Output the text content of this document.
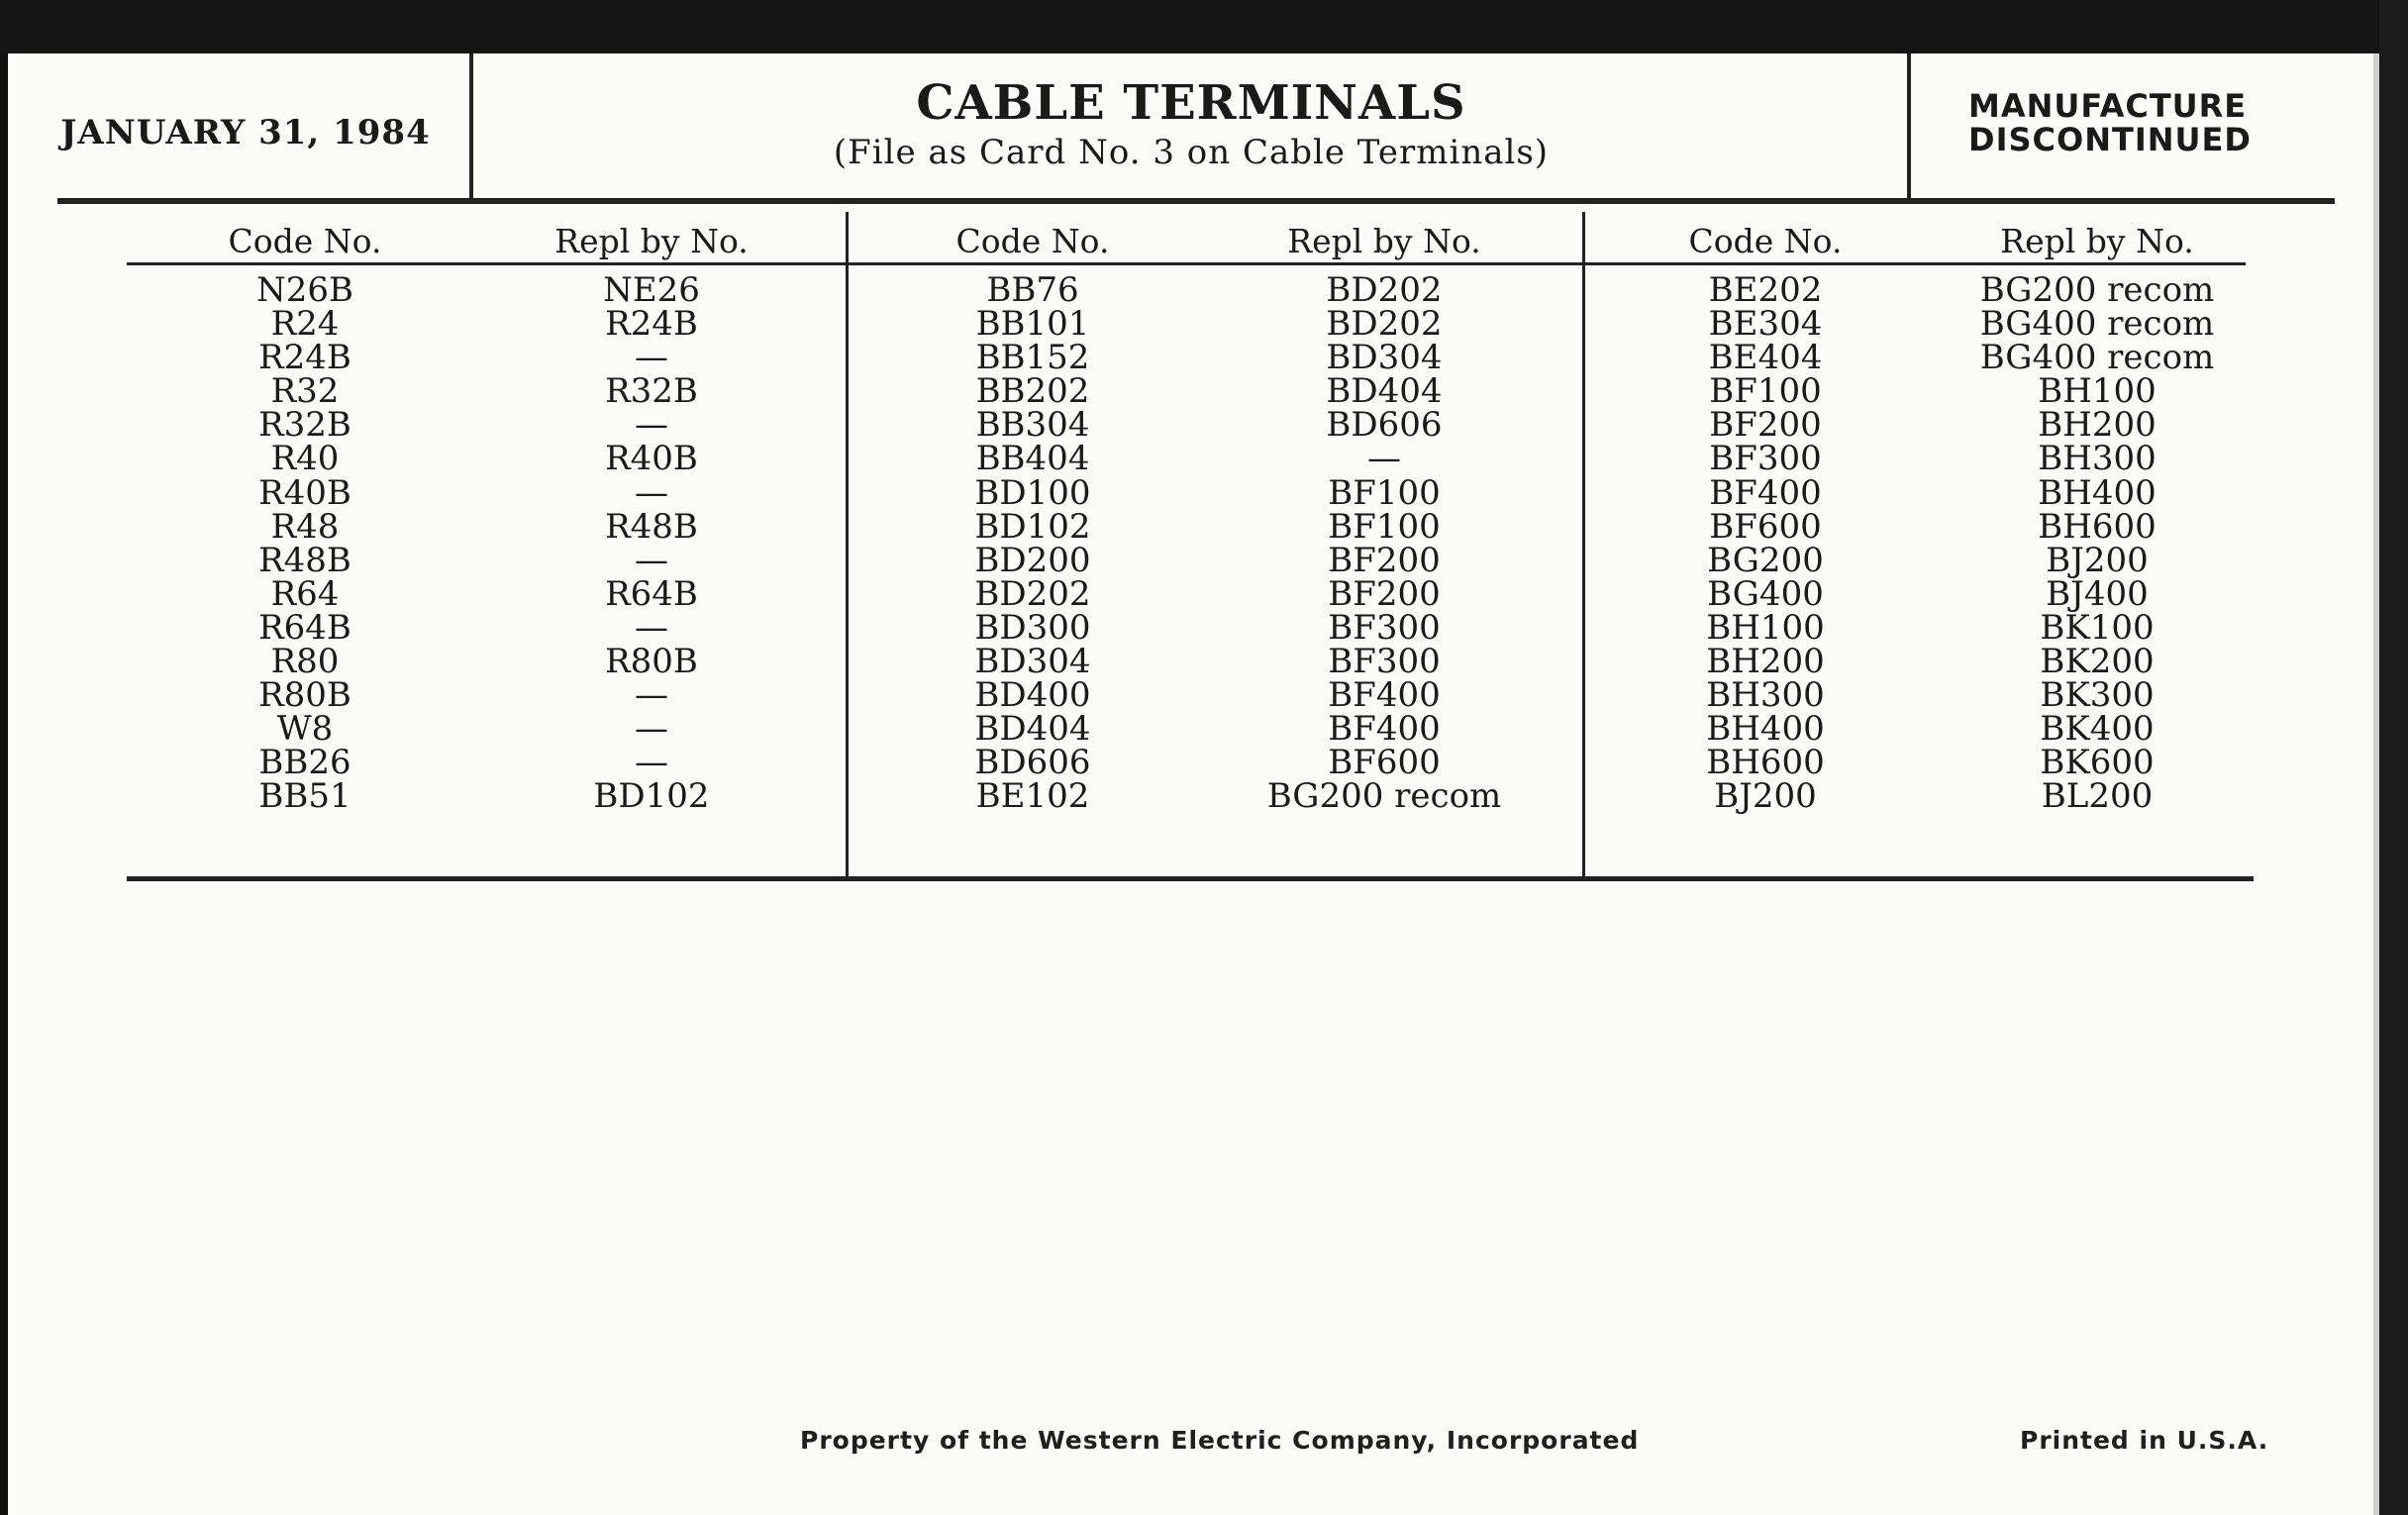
JANUARY 31, 1984
CABLE TERMINALS
(File as Card No. 3 on Cable Terminals)
MANUFACTURE
DISCONTINUED
Code No.
N26B
R24
R24B
R32
R32B
R40
R40B
R48
R48B
R64
R64B
R80
R80B
W8
BB26
BB51
Repl by No.
NE26
R24B
—
R32B
—
R40B
—
R48B
—
R64B
—
R80B
—
—
—
BD102
Code No.
BB76
BB101
BB152
BB202
BB304
BB404
BD100
BD102
BD200
BD202
BD300
BD304
BD400
BD404
BD606
BE102
Repl by No.
BD202
BD202
BD304
BD404
BD606
—
BF100
BF100
BF200
BF200
BF300
BF300
BF400
BF400
BF600
BG200 recom
Code No.
BE202
BE304
BE404
BF100
BF200
BF300
BF400
BF600
BG200
BG400
BH100
BH200
BH300
BH400
BH600
BJ200
Repl by No.
BG200 recom
BG400 recom
BG400 recom
BH100
BH200
BH300
BH400
BH600
BJ200
BJ400
BK100
BK200
BK300
BK400
BK600
BL200
Property of the Western Electric Company, Incorporated	Printed in U.S.A.
